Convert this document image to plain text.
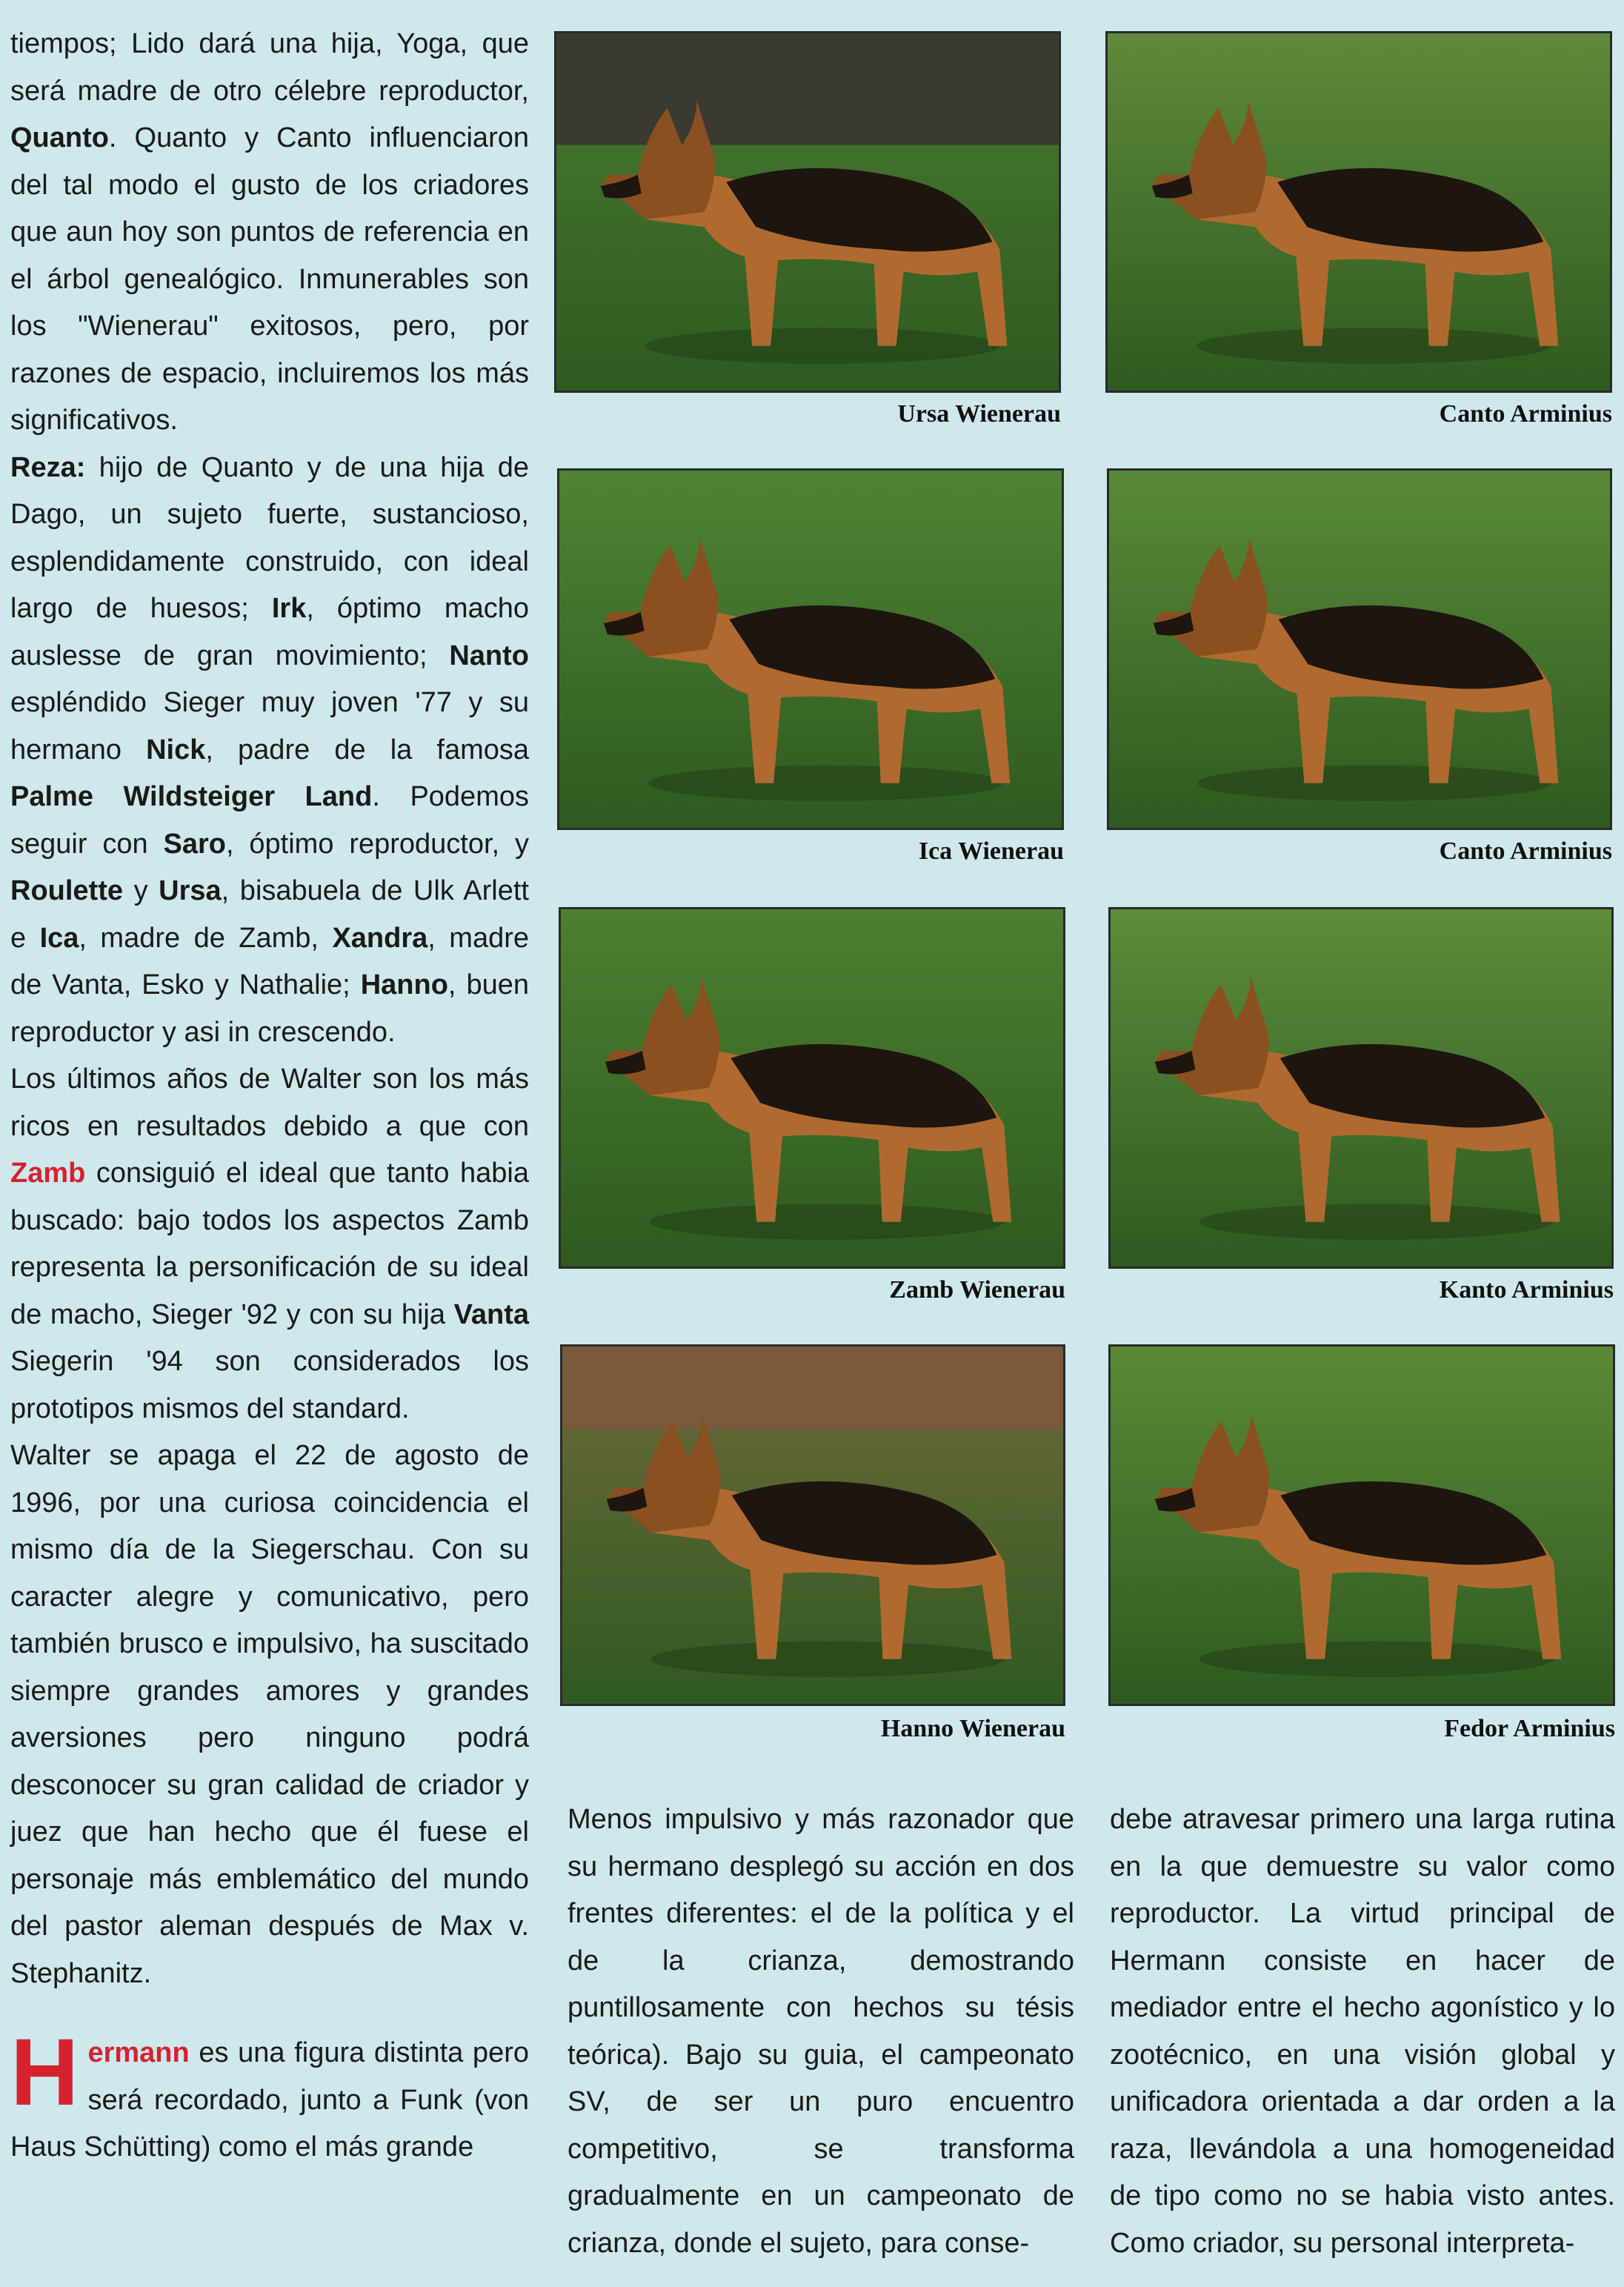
tiempos; Lido dará una hija, Yoga, que será madre de otro célebre reproductor, Quanto. Quanto y Canto influenciaron del tal modo el gusto de los criadores que aun hoy son puntos de referencia en el árbol genealógico. Inmunerables son los "Wienerau" exitosos, pero, por razones de espacio, incluiremos los más significativos.

Reza: hijo de Quanto y de una hija de Dago, un sujeto fuerte, sustancioso, esplendidamente construido, con ideal largo de huesos; Irk, óptimo macho auslesse de gran movimiento; Nanto espléndido Sieger muy joven '77 y su hermano Nick, padre de la famosa Palme Wildsteiger Land. Podemos seguir con Saro, óptimo reproductor, y Roulette y Ursa, bisabuela de Ulk Arlett e Ica, madre de Zamb, Xandra, madre de Vanta, Esko y Nathalie; Hanno, buen reproductor y asi in crescendo.

Los últimos años de Walter son los más ricos en resultados debido a que con Zamb consiguió el ideal que tanto habia buscado: bajo todos los aspectos Zamb representa la personificación de su ideal de macho, Sieger '92 y con su hija Vanta Siegerin '94 son considerados los prototipos mismos del standard.

Walter se apaga el 22 de agosto de 1996, por una curiosa coincidencia el mismo día de la Siegerschau. Con su caracter alegre y comunicativo, pero también brusco e impulsivo, ha suscitado siempre grandes amores y grandes aversiones pero ninguno podrá desconocer su gran calidad de criador y juez que han hecho que él fuese el personaje más emblemático del mundo del pastor aleman después de Max v. Stephanitz.

Hermann es una figura distinta pero será recordado, junto a Funk (von Haus Schütting) como el más grande

Ursa Wienerau	Canto Arminius
Ica Wienerau	Canto Arminius
Zamb Wienerau	Kanto Arminius
Hanno Wienerau	Fedor Arminius

Menos impulsivo y más razonador que su hermano desplegó su acción en dos frentes diferentes: el de la política y el de la crianza, demostrando puntillosamente con hechos su tésis teórica). Bajo su guia, el campeonato SV, de ser un puro encuentro competitivo, se transforma gradualmente en un campeonato de crianza, donde el sujeto, para conse-

debe atravesar primero una larga rutina en la que demuestre su valor como reproductor. La virtud principal de Hermann consiste en hacer de mediador entre el hecho agonístico y lo zootécnico, en una visión global y unificadora orientada a dar orden a la raza, llevándola a una homogeneidad de tipo como no se habia visto antes. Como criador, su personal interpreta-
